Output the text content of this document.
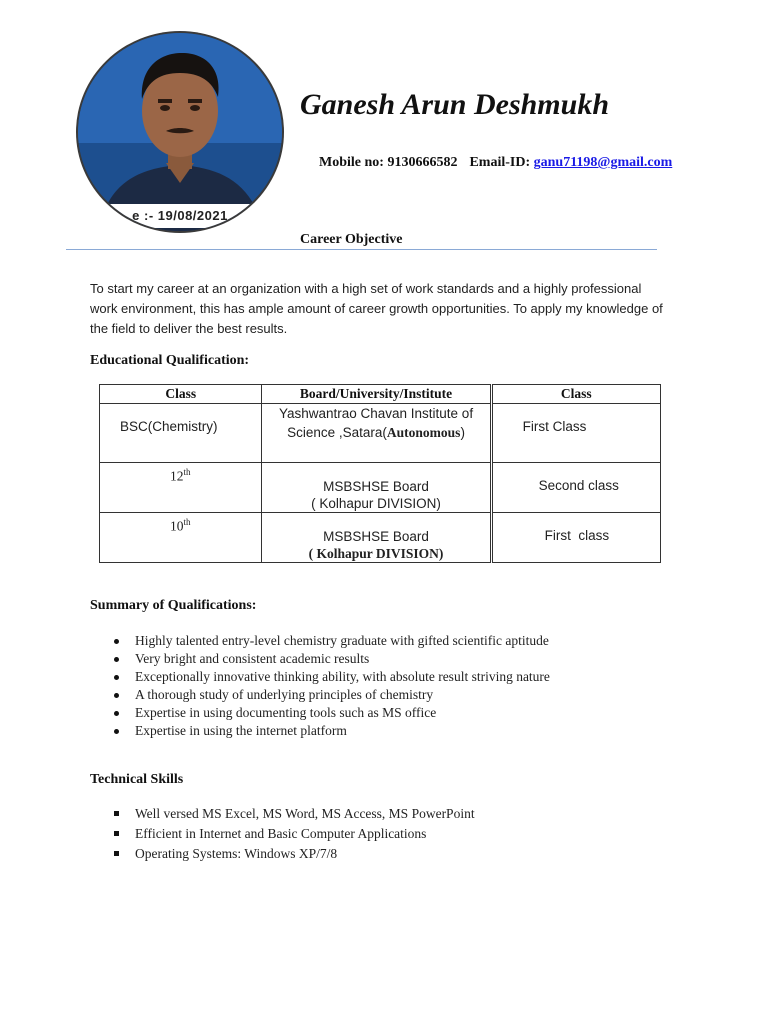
e :- 19/08/2021
Ganesh Arun Deshmukh
Mobile no: 9130666582 Email-ID: ganu71198@gmail.com
Career Objective
To start my career at an organization with a high set of work standards and a highly professional
work environment, this has ample amount of career growth opportunities. To apply my knowledge of
the field to deliver the best results.
Educational Qualification:
Class	Board/University/Institute	Class

BSC(Chemistry)	Yashwantrao Chavan Institute of
Science ,Satara(Autonomous)	First Class

12th	MSBSHSE Board
( Kolhapur DIVISION)	Second class

10th	MSBSHSE Board
( Kolhapur DIVISION)	First  class
Summary of Qualifications:
Highly talented entry-level chemistry graduate with gifted scientific aptitude
Very bright and consistent academic results
Exceptionally innovative thinking ability, with absolute result striving nature
A thorough study of underlying principles of chemistry
Expertise in using documenting tools such as MS office
Expertise in using the internet platform
Technical Skills
Well versed MS Excel, MS Word, MS Access, MS PowerPoint
Efficient in Internet and Basic Computer Applications
Operating Systems: Windows XP/7/8
